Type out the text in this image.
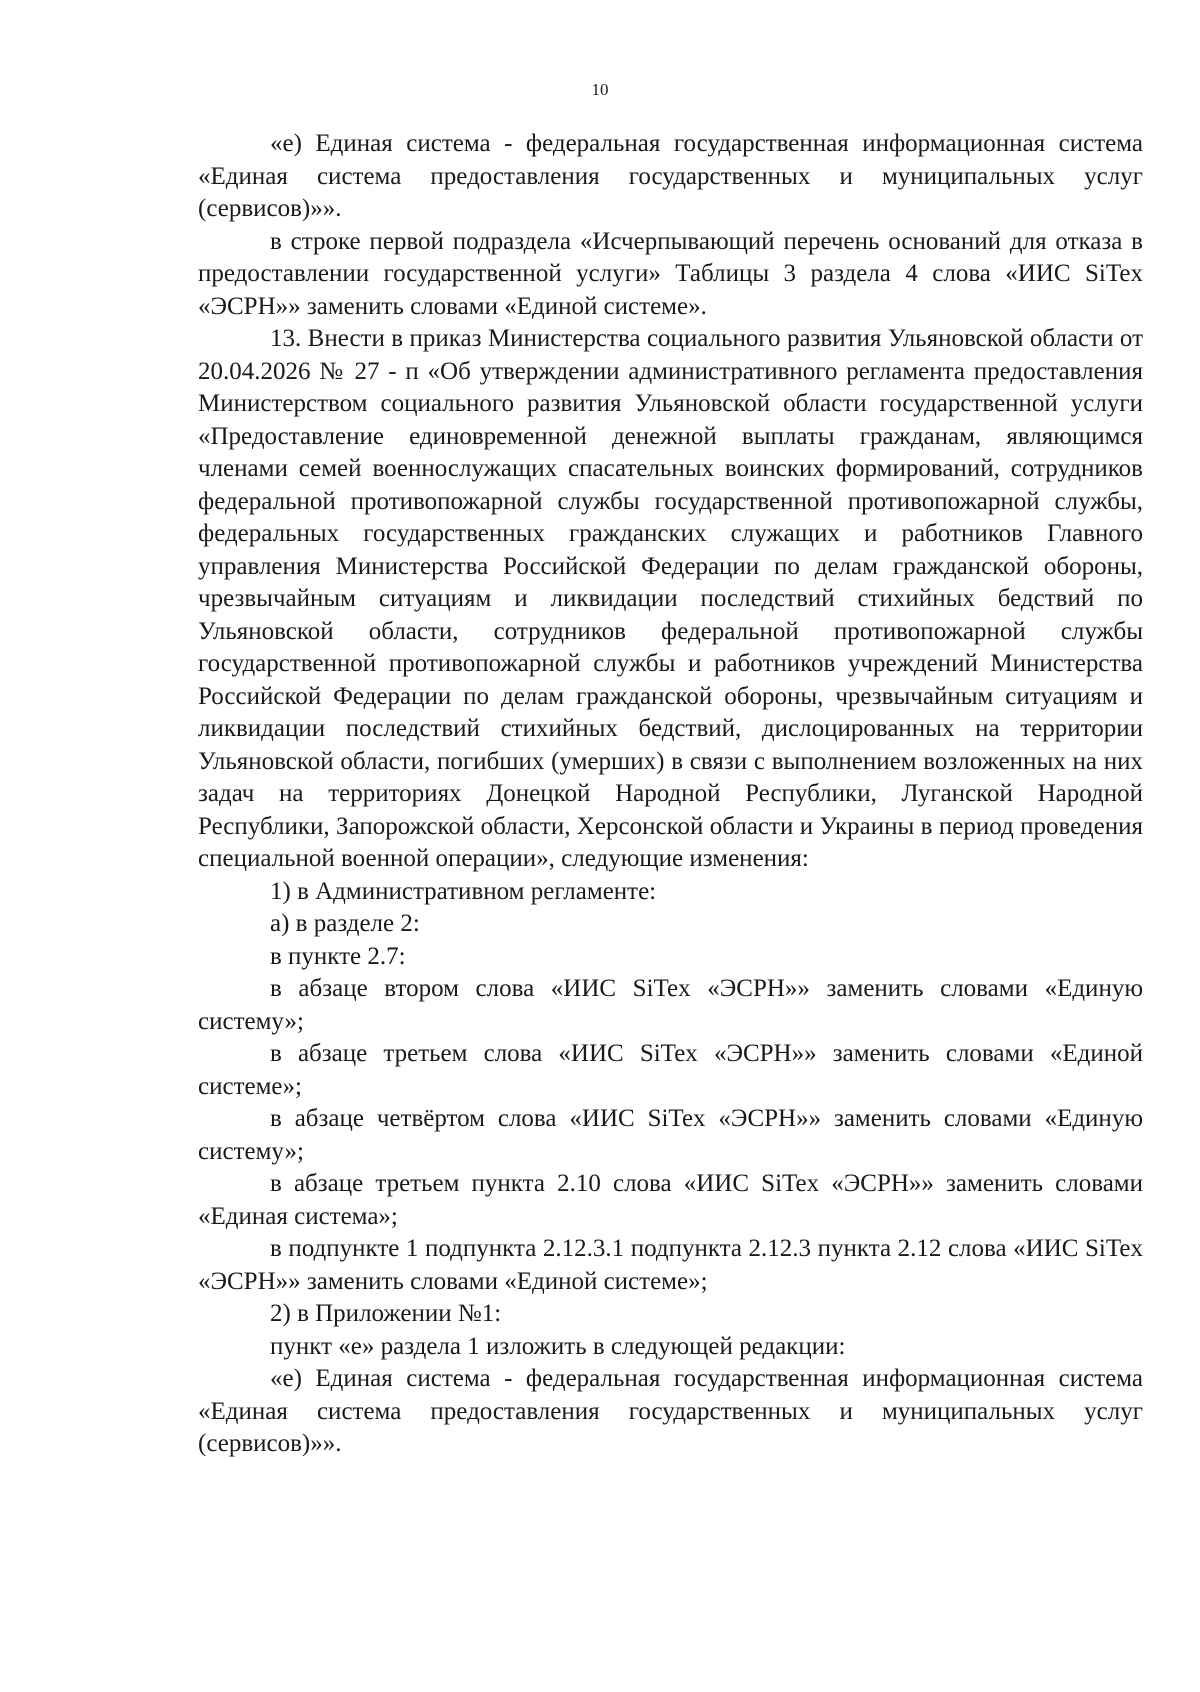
10

«е) Единая система - федеральная государственная информационная система «Единая система предоставления государственных и муниципальных услуг (сервисов)»».

в строке первой подраздела «Исчерпывающий перечень оснований для отказа в предоставлении государственной услуги» Таблицы 3 раздела 4 слова «ИИС SiTex «ЭСРН»» заменить словами «Единой системе».

13. Внести в приказ Министерства социального развития Ульяновской области от 20.04.2026 № 27 - п «Об утверждении административного регламента предоставления Министерством социального развития Ульяновской области государственной услуги «Предоставление единовременной денежной выплаты гражданам, являющимся членами семей военнослужащих спасательных воинских формирований, сотрудников федеральной противопожарной службы государственной противопожарной службы, федеральных государственных гражданских служащих и работников Главного управления Министерства Российской Федерации по делам гражданской обороны, чрезвычайным ситуациям и ликвидации последствий стихийных бедствий по Ульяновской области, сотрудников федеральной противопожарной службы государственной противопожарной службы и работников учреждений Министерства Российской Федерации по делам гражданской обороны, чрезвычайным ситуациям и ликвидации последствий стихийных бедствий, дислоцированных на территории Ульяновской области, погибших (умерших) в связи с выполнением возложенных на них задач на территориях Донецкой Народной Республики, Луганской Народной Республики, Запорожской области, Херсонской области и Украины в период проведения специальной военной операции», следующие изменения:

1) в Административном регламенте:

а) в разделе 2:

в пункте 2.7:

в абзаце втором слова «ИИС SiTex «ЭСРН»» заменить словами «Единую систему»;

в абзаце третьем слова «ИИС SiTex «ЭСРН»» заменить словами «Единой системе»;

в абзаце четвёртом слова «ИИС SiTex «ЭСРН»» заменить словами «Единую систему»;

в абзаце третьем пункта 2.10 слова «ИИС SiTex «ЭСРН»» заменить словами «Единая система»;

в подпункте 1 подпункта 2.12.3.1 подпункта 2.12.3 пункта 2.12 слова «ИИС SiTex «ЭСРН»» заменить словами «Единой системе»;

2) в Приложении №1:

пункт «е» раздела 1 изложить в следующей редакции:

«е) Единая система - федеральная государственная информационная система «Единая система предоставления государственных и муниципальных услуг (сервисов)»».
